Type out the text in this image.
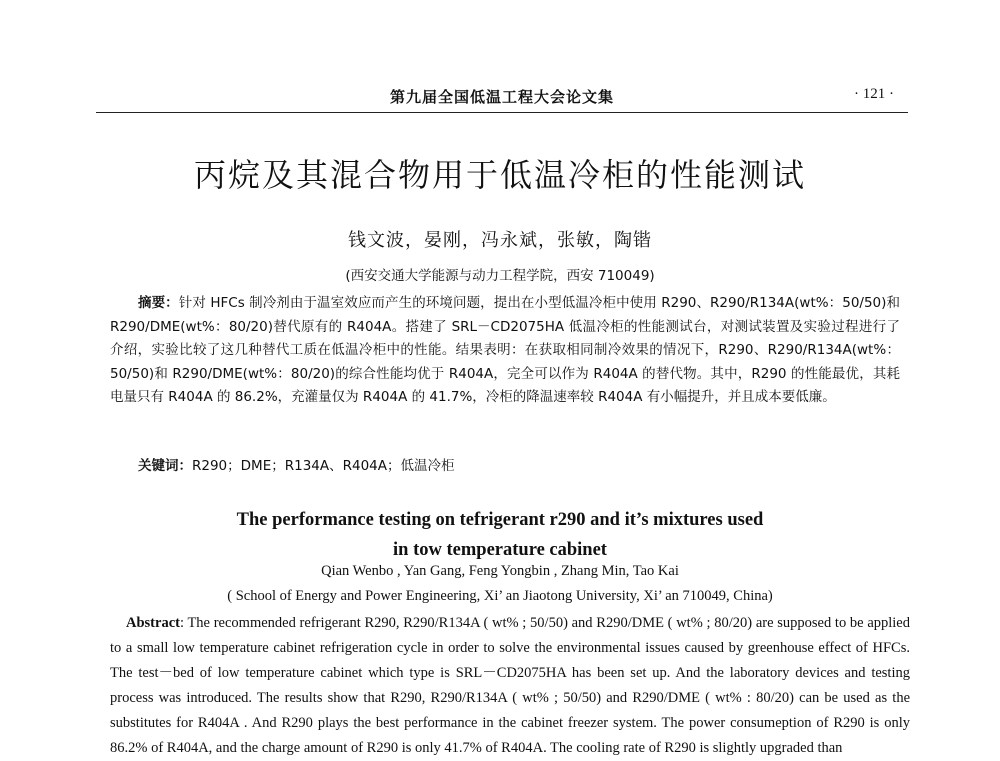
第九届全国低温工程大会论文集	· 121 ·
丙烷及其混合物用于低温冷柜的性能测试
钱文波，晏刚，冯永斌，张敏，陶锴
(西安交通大学能源与动力工程学院，西安 710049)
摘要：针对 HFCs 制冷剂由于温室效应而产生的环境问题，提出在小型低温冷柜中使用 R290、R290/R134A(wt%：50/50)和 R290/DME(wt%：80/20)替代原有的 R404A。搭建了 SRL－CD2075HA 低温冷柜的性能测试台，对测试装置及实验过程进行了介绍，实验比较了这几种替代工质在低温冷柜中的性能。结果表明：在获取相同制冷效果的情况下，R290、R290/R134A(wt%：50/50)和 R290/DME(wt%：80/20)的综合性能均优于 R404A，完全可以作为 R404A 的替代物。其中，R290 的性能最优，其耗电量只有 R404A 的 86.2%，充灌量仅为 R404A 的 41.7%，冷柜的降温速率较 R404A 有小幅提升，并且成本要低廉。
关键词：R290；DME；R134A、R404A；低温冷柜
The performance testing on tefrigerant r290 and it’s mixtures used
in tow temperature cabinet
Qian Wenbo , Yan Gang, Feng Yongbin , Zhang Min, Tao Kai
( School of Energy and Power Engineering, Xi’ an Jiaotong University, Xi’ an 710049, China)
Abstract: The recommended refrigerant R290, R290/R134A ( wt% ; 50/50) and R290/DME ( wt% ; 80/20) are supposed to be applied to a small low temperature cabinet refrigeration cycle in order to solve the environmental issues caused by greenhouse effect of HFCs. The test－bed of low temperature cabinet which type is SRL－CD2075HA has been set up. And the laboratory devices and testing process was introduced. The results show that R290, R290/R134A ( wt% ; 50/50) and R290/DME ( wt% : 80/20) can be used as the substitutes for R404A . And R290 plays the best performance in the cabinet freezer system. The power consumeption of R290 is only 86.2% of R404A, and the charge amount of R290 is only 41.7% of R404A. The cooling rate of R290 is slightly upgraded than
